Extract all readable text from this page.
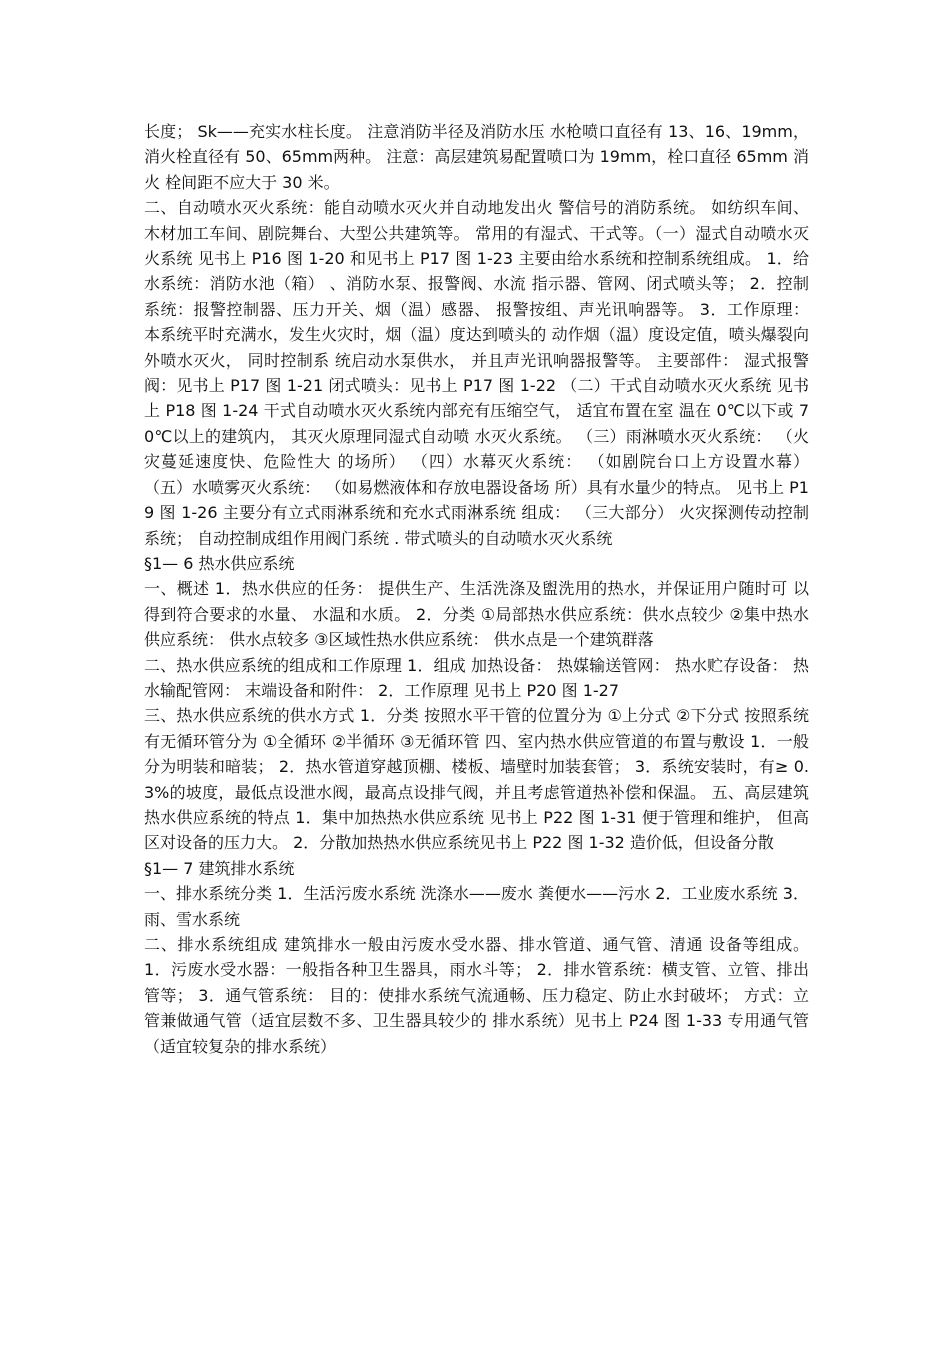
长度； Sk——充实水柱长度。 注意消防半径及消防水压 水枪喷口直径有 13、16、19mm，消火栓直径有 50、65mm两种。 注意：高层建筑易配置喷口为 19mm，栓口直径 65mm 消火 栓间距不应大于 30 米。

二、自动喷水灭火系统：能自动喷水灭火并自动地发出火 警信号的消防系统。 如纺织车间、木材加工车间、剧院舞台、大型公共建筑等。 常用的有湿式、干式等。（一）湿式自动喷水灭火系统 见书上 P16 图 1-20 和见书上 P17 图 1-23 主要由给水系统和控制系统组成。 1．给水系统：消防水池（箱） 、消防水泵、报警阀、水流 指示器、管网、闭式喷头等； 2．控制系统：报警控制器、压力开关、烟（温）感器、 报警按组、声光讯响器等。 3．工作原理： 本系统平时充满水，发生火灾时，烟（温）度达到喷头的 动作烟（温）度设定值，喷头爆裂向外喷水灭火， 同时控制系 统启动水泵供水， 并且声光讯响器报警等。 主要部件： 湿式报警阀：见书上 P17 图 1-21 闭式喷头：见书上 P17 图 1-22 （二）干式自动喷水灭火系统 见书上 P18 图 1-24 干式自动喷水灭火系统内部充有压缩空气， 适宜布置在室 温在 0℃以下或 70℃以上的建筑内， 其灭火原理同湿式自动喷 水灭火系统。 （三）雨淋喷水灭火系统： （火灾蔓延速度快、危险性大 的场所） （四）水幕灭火系统： （如剧院台口上方设置水幕） （五）水喷雾灭火系统： （如易燃液体和存放电器设备场 所）具有水量少的特点。 见书上 P19 图 1-26 主要分有立式雨淋系统和充水式雨淋系统 组成： （三大部分） 火灾探测传动控制系统； 自动控制成组作用阀门系统 . 带式喷头的自动喷水灭火系统

§1— 6 热水供应系统

一、概述 1．热水供应的任务： 提供生产、生活洗涤及盥洗用的热水，并保证用户随时可 以得到符合要求的水量、 水温和水质。 2．分类 ①局部热水供应系统：供水点较少 ②集中热水供应系统： 供水点较多 ③区域性热水供应系统： 供水点是一个建筑群落

二、热水供应系统的组成和工作原理 1．组成 加热设备： 热媒输送管网： 热水贮存设备： 热水输配管网： 末端设备和附件： 2．工作原理 见书上 P20 图 1-27

三、热水供应系统的供水方式 1．分类 按照水平干管的位置分为 ①上分式 ②下分式 按照系统有无循环管分为 ①全循环 ②半循环 ③无循环管 四、室内热水供应管道的布置与敷设 1．一般分为明装和暗装； 2．热水管道穿越顶棚、楼板、墙壁时加装套管； 3．系统安装时，有≥ 0.3%的坡度，最低点设泄水阀，最高点设排气阀，并且考虑管道热补偿和保温。 五、高层建筑热水供应系统的特点 1．集中加热热水供应系统 见书上 P22 图 1-31 便于管理和维护， 但高区对设备的压力大。 2．分散加热热水供应系统见书上 P22 图 1-32 造价低，但设备分散

§1— 7 建筑排水系统

一、排水系统分类 1．生活污废水系统 洗涤水——废水 粪便水——污水 2．工业废水系统 3．雨、雪水系统

二、排水系统组成 建筑排水一般由污废水受水器、排水管道、通气管、清通 设备等组成。 1．污废水受水器：一般指各种卫生器具，雨水斗等； 2．排水管系统：横支管、立管、排出管等； 3．通气管系统： 目的：使排水系统气流通畅、压力稳定、防止水封破坏； 方式：立管兼做通气管（适宜层数不多、卫生器具较少的 排水系统）见书上 P24 图 1-33 专用通气管（适宜较复杂的排水系统）
